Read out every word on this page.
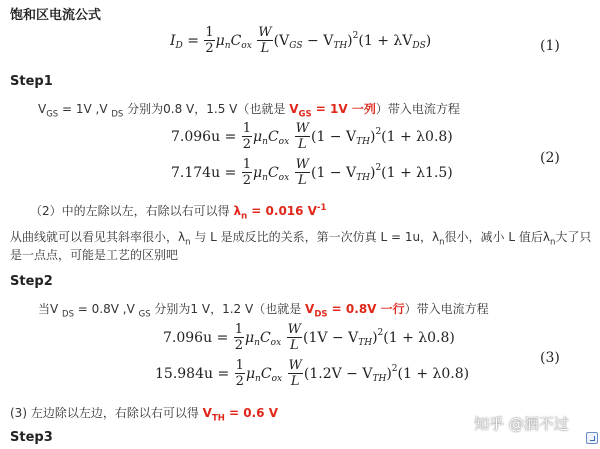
饱和区电流公式
$I_D = \frac{1}{2} \mu_nC_{ox} \frac{W}{L} (V_{GS} - V_{TH})^2(1 + \lambda V_{DS})$	(1)
Step1
$V_{GS} = 1V$ ,V $_{DS}$ 分别为0.8 V，1.5 V（也就是 $V_{GS} = 1V$ 一列）带入电流方程
$7.096u = \frac{1}{2} \mu_nC_{ox} \frac{W}{L} (1 - V_{TH})^2(1 + \lambda 0.8)$
$7.174u = \frac{1}{2} \mu_nC_{ox} \frac{W}{L} (1 - V_{TH})^2(1 + \lambda 1.5)$
(2)
（2）中的左除以左，右除以右可以得 $\lambda_n = 0.016$ $V^{-1}$
从曲线就可以看见其斜率很小，$\lambda_n$ 与 L 是成反比的关系，第一次仿真 L = 1u，$\lambda_n$很小，减小 L 值后$\lambda_n$大了只
是一点点，可能是工艺的区别吧
Step2
当V $_{DS}$ = 0.8V ,V $_{GS}$ 分别为1 V，1.2 V（也就是 $V_{DS} = 0.8V$ 一行）带入电流方程
$7.096u = \frac{1}{2} \mu_nC_{ox} \frac{W}{L} (1V - V_{TH})^2(1 + \lambda 0.8)$
$15.984u = \frac{1}{2} \mu_nC_{ox} \frac{W}{L} (1.2V - V_{TH})^2(1 + \lambda 0.8)$
(3)
(3) 左边除以左边，右除以右可以得 $V_{TH} = 0.6$ V
Step3
知乎 @酒不过
